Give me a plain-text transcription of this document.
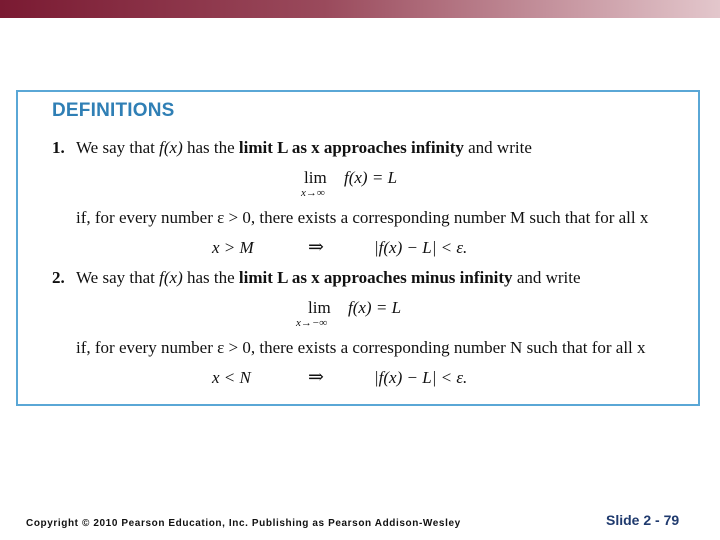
DEFINITIONS
1. We say that f(x) has the limit L as x approaches infinity and write
lim
x→∞
f(x) = L
if, for every number ε > 0, there exists a corresponding number M such that for all x
x > M	⇒	|f(x) − L| < ε.
2. We say that f(x) has the limit L as x approaches minus infinity and write
lim
x→−∞
f(x) = L
if, for every number ε > 0, there exists a corresponding number N such that for all x
x < N	⇒	|f(x) − L| < ε.
Copyright © 2010 Pearson Education, Inc. Publishing as Pearson Addison-Wesley	Slide 2 - 79
